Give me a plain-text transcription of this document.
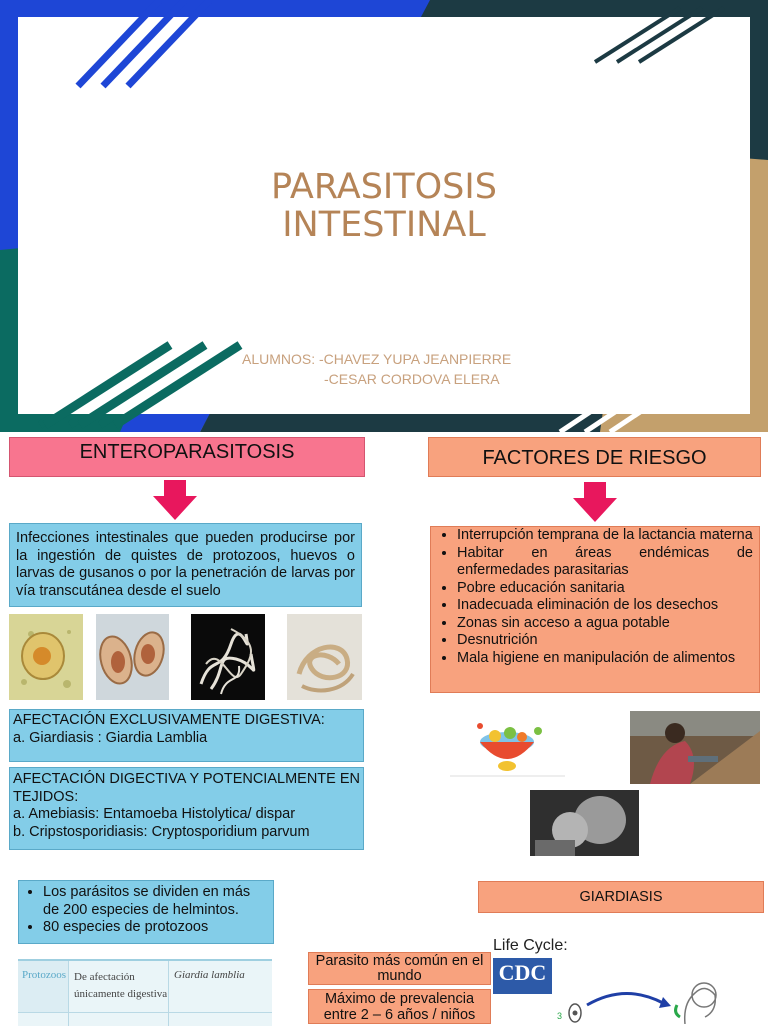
PARASITOSIS
INTESTINAL
ALUMNOS: -CHAVEZ YUPA JEANPIERRE
-CESAR CORDOVA ELERA
ENTEROPARASITOSIS
Infecciones intestinales que pueden producirse por la ingestión de quistes de protozoos, huevos o larvas de gusanos o por la penetración de larvas por vía transcutánea desde el suelo
AFECTACIÓN EXCLUSIVAMENTE DIGESTIVA:
a. Giardiasis : Giardia Lamblia
AFECTACIÓN DIGECTIVA Y POTENCIALMENTE EN TEJIDOS:
a. Amebiasis: Entamoeba Histolytica/ dispar
b. Cripstosporidiasis: Cryptosporidium parvum
• Los parásitos se dividen en más de 200 especies de helmintos.
• 80 especies de protozoos
Protozoos De afectación
únicamente digestiva
Giardia lamblia
FACTORES DE RIESGO
• Interrupción temprana de la lactancia materna
• Habitar en áreas endémicas de enfermedades parasitarias
• Pobre educación sanitaria
• Inadecuada eliminación de los desechos
• Zonas sin acceso a agua potable
• Desnutrición
• Mala higiene en manipulación de alimentos
GIARDIASIS
Parasito más común en el mundo
Máximo de prevalencia entre 2 – 6 años / niños
Life Cycle:
CDC
3
